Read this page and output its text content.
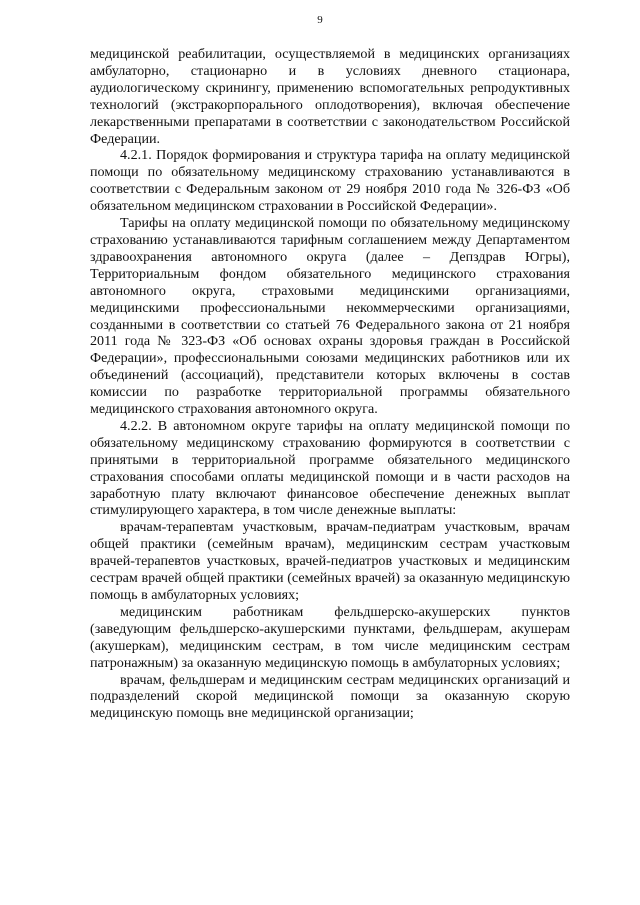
9

медицинской реабилитации, осуществляемой в медицинских организациях амбулаторно, стационарно и в условиях дневного стационара, аудиологическому скринингу, применению вспомогательных репродуктивных технологий (экстракорпорального оплодотворения), включая обеспечение лекарственными препаратами в соответствии с законодательством Российской Федерации.

4.2.1. Порядок формирования и структура тарифа на оплату медицинской помощи по обязательному медицинскому страхованию устанавливаются в соответствии с Федеральным законом от 29 ноября 2010 года № 326-ФЗ «Об обязательном медицинском страховании в Российской Федерации».

Тарифы на оплату медицинской помощи по обязательному медицинскому страхованию устанавливаются тарифным соглашением между Департаментом здравоохранения автономного округа (далее – Депздрав Югры), Территориальным фондом обязательного медицинского страхования автономного округа, страховыми медицинскими организациями, медицинскими профессиональными некоммерческими организациями, созданными в соответствии со статьей 76 Федерального закона от 21 ноября 2011 года № 323-ФЗ «Об основах охраны здоровья граждан в Российской Федерации», профессиональными союзами медицинских работников или их объединений (ассоциаций), представители которых включены в состав комиссии по разработке территориальной программы обязательного медицинского страхования автономного округа.

4.2.2. В автономном округе тарифы на оплату медицинской помощи по обязательному медицинскому страхованию формируются в соответствии с принятыми в территориальной программе обязательного медицинского страхования способами оплаты медицинской помощи и в части расходов на заработную плату включают финансовое обеспечение денежных выплат стимулирующего характера, в том числе денежные выплаты:

врачам-терапевтам участковым, врачам-педиатрам участковым, врачам общей практики (семейным врачам), медицинским сестрам участковым врачей-терапевтов участковых, врачей-педиатров участковых и медицинским сестрам врачей общей практики (семейных врачей) за оказанную медицинскую помощь в амбулаторных условиях;

медицинским работникам фельдшерско-акушерских пунктов (заведующим фельдшерско-акушерскими пунктами, фельдшерам, акушерам (акушеркам), медицинским сестрам, в том числе медицинским сестрам патронажным) за оказанную медицинскую помощь в амбулаторных условиях;

врачам, фельдшерам и медицинским сестрам медицинских организаций и подразделений скорой медицинской помощи за оказанную скорую медицинскую помощь вне медицинской организации;
